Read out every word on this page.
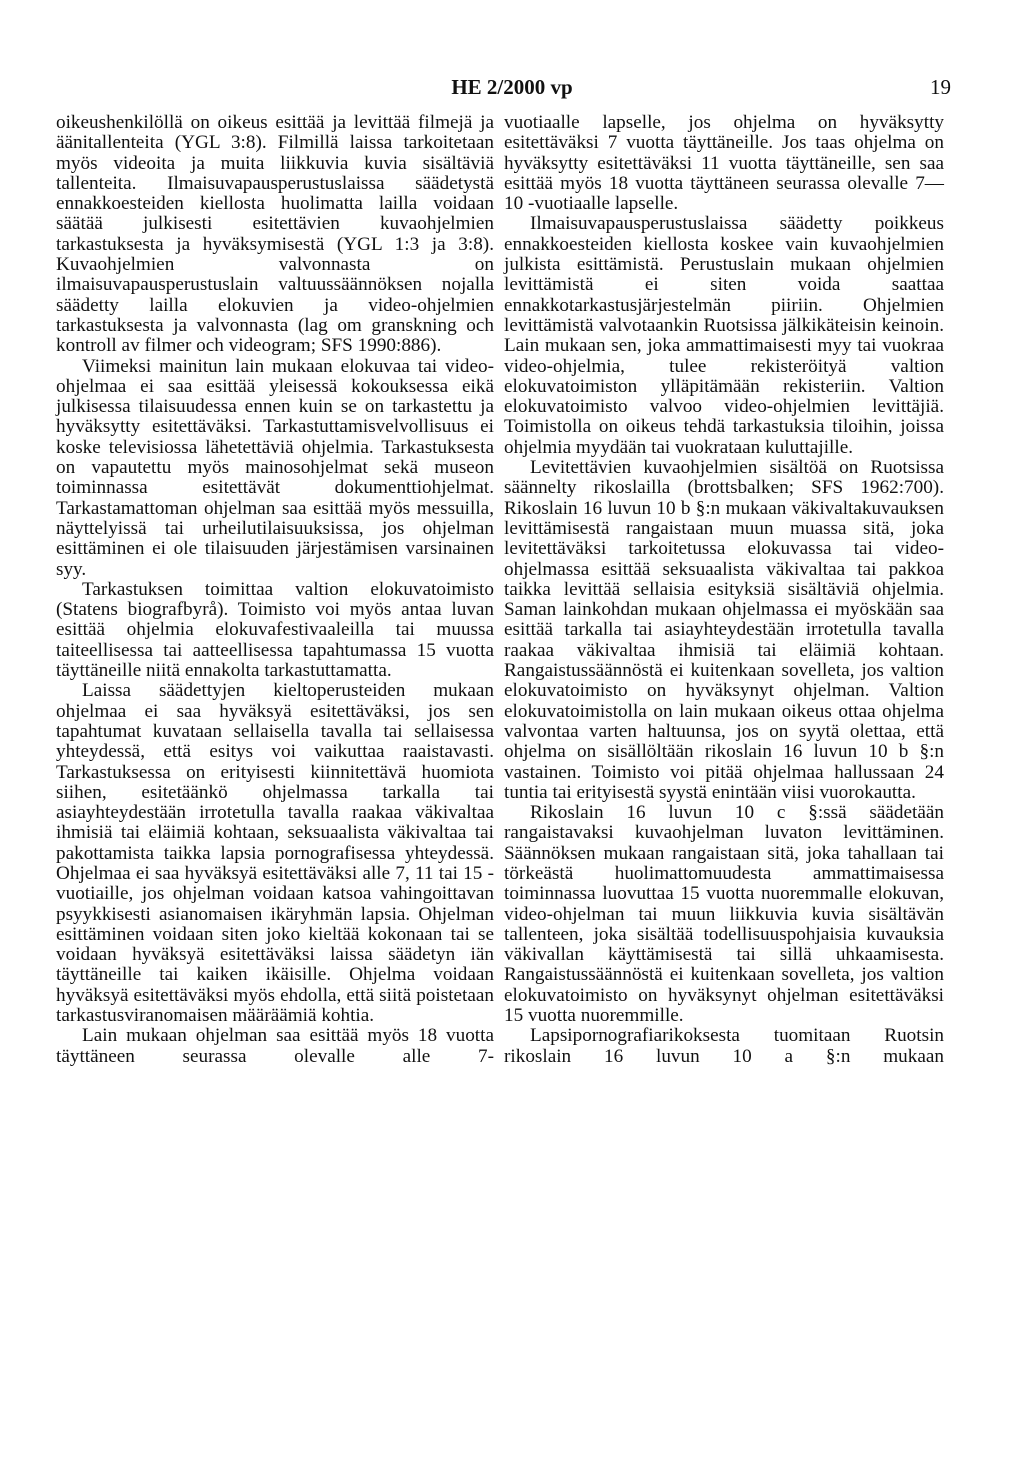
HE 2/2000 vp	19

oikeushenkilöllä on oikeus esittää ja levittää filmejä ja äänitallenteita (YGL 3:8). Filmillä laissa tarkoitetaan myös videoita ja muita liikkuvia kuvia sisältäviä tallenteita. Ilmaisuvapausperustuslaissa säädetystä ennakkoesteiden kiellosta huolimatta lailla voidaan säätää julkisesti esitettävien kuvaohjelmien tarkastuksesta ja hyväksymisestä (YGL 1:3 ja 3:8). Kuvaohjelmien valvonnasta on ilmaisuvapausperustuslain valtuussäännöksen nojalla säädetty lailla elokuvien ja video-ohjelmien tarkastuksesta ja valvonnasta (lag om granskning och kontroll av filmer och videogram; SFS 1990:886).

Viimeksi mainitun lain mukaan elokuvaa tai video-ohjelmaa ei saa esittää yleisessä kokouksessa eikä julkisessa tilaisuudessa ennen kuin se on tarkastettu ja hyväksytty esitettäväksi. Tarkastuttamisvelvollisuus ei koske televisiossa lähetettäviä ohjelmia. Tarkastuksesta on vapautettu myös mainosohjelmat sekä museon toiminnassa esitettävät dokumenttiohjelmat. Tarkastamattoman ohjelman saa esittää myös messuilla, näyttelyissä tai urheilutilaisuuksissa, jos ohjelman esittäminen ei ole tilaisuuden järjestämisen varsinainen syy.

Tarkastuksen toimittaa valtion elokuvatoimisto (Statens biografbyrå). Toimisto voi myös antaa luvan esittää ohjelmia elokuvafestivaaleilla tai muussa taiteellisessa tai aatteellisessa tapahtumassa 15 vuotta täyttäneille niitä ennakolta tarkastuttamatta.

Laissa säädettyjen kieltoperusteiden mukaan ohjelmaa ei saa hyväksyä esitettäväksi, jos sen tapahtumat kuvataan sellaisella tavalla tai sellaisessa yhteydessä, että esitys voi vaikuttaa raaistavasti. Tarkastuksessa on erityisesti kiinnitettävä huomiota siihen, esitetäänkö ohjelmassa tarkalla tai asiayhteydestään irrotetulla tavalla raakaa väkivaltaa ihmisiä tai eläimiä kohtaan, seksuaalista väkivaltaa tai pakottamista taikka lapsia pornografisessa yhteydessä. Ohjelmaa ei saa hyväksyä esitettäväksi alle 7, 11 tai 15 -vuotiaille, jos ohjelman voidaan katsoa vahingoittavan psyykkisesti asianomaisen ikäryhmän lapsia. Ohjelman esittäminen voidaan siten joko kieltää kokonaan tai se voidaan hyväksyä esitettäväksi laissa säädetyn iän täyttäneille tai kaiken ikäisille. Ohjelma voidaan hyväksyä esitettäväksi myös ehdolla, että siitä poistetaan tarkastusviranomaisen määräämiä kohtia.

Lain mukaan ohjelman saa esittää myös 18 vuotta täyttäneen seurassa olevalle alle 7-

vuotiaalle lapselle, jos ohjelma on hyväksytty esitettäväksi 7 vuotta täyttäneille. Jos taas ohjelma on hyväksytty esitettäväksi 11 vuotta täyttäneille, sen saa esittää myös 18 vuotta täyttäneen seurassa olevalle 7—10 -vuotiaalle lapselle.

Ilmaisuvapausperustuslaissa säädetty poikkeus ennakkoesteiden kiellosta koskee vain kuvaohjelmien julkista esittämistä. Perustuslain mukaan ohjelmien levittämistä ei siten voida saattaa ennakkotarkastusjärjestelmän piiriin. Ohjelmien levittämistä valvotaankin Ruotsissa jälkikäteisin keinoin. Lain mukaan sen, joka ammattimaisesti myy tai vuokraa video-ohjelmia, tulee rekisteröityä valtion elokuvatoimiston ylläpitämään rekisteriin. Valtion elokuvatoimisto valvoo video-ohjelmien levittäjiä. Toimistolla on oikeus tehdä tarkastuksia tiloihin, joissa ohjelmia myydään tai vuokrataan kuluttajille.

Levitettävien kuvaohjelmien sisältöä on Ruotsissa säännelty rikoslailla (brottsbalken; SFS 1962:700). Rikoslain 16 luvun 10 b §:n mukaan väkivaltakuvauksen levittämisestä rangaistaan muun muassa sitä, joka levitettäväksi tarkoitetussa elokuvassa tai video-ohjelmassa esittää seksuaalista väkivaltaa tai pakkoa taikka levittää sellaisia esityksiä sisältäviä ohjelmia. Saman lainkohdan mukaan ohjelmassa ei myöskään saa esittää tarkalla tai asiayhteydestään irrotetulla tavalla raakaa väkivaltaa ihmisiä tai eläimiä kohtaan. Rangaistussäännöstä ei kuitenkaan sovelleta, jos valtion elokuvatoimisto on hyväksynyt ohjelman. Valtion elokuvatoimistolla on lain mukaan oikeus ottaa ohjelma valvontaa varten haltuunsa, jos on syytä olettaa, että ohjelma on sisällöltään rikoslain 16 luvun 10 b §:n vastainen. Toimisto voi pitää ohjelmaa hallussaan 24 tuntia tai erityisestä syystä enintään viisi vuorokautta.

Rikoslain 16 luvun 10 c §:ssä säädetään rangaistavaksi kuvaohjelman luvaton levittäminen. Säännöksen mukaan rangaistaan sitä, joka tahallaan tai törkeästä huolimattomuudesta ammattimaisessa toiminnassa luovuttaa 15 vuotta nuoremmalle elokuvan, video-ohjelman tai muun liikkuvia kuvia sisältävän tallenteen, joka sisältää todellisuuspohjaisia kuvauksia väkivallan käyttämisestä tai sillä uhkaamisesta. Rangaistussäännöstä ei kuitenkaan sovelleta, jos valtion elokuvatoimisto on hyväksynyt ohjelman esitettäväksi 15 vuotta nuoremmille.

Lapsipornografiarikoksesta tuomitaan Ruotsin rikoslain 16 luvun 10 a §:n mukaan
